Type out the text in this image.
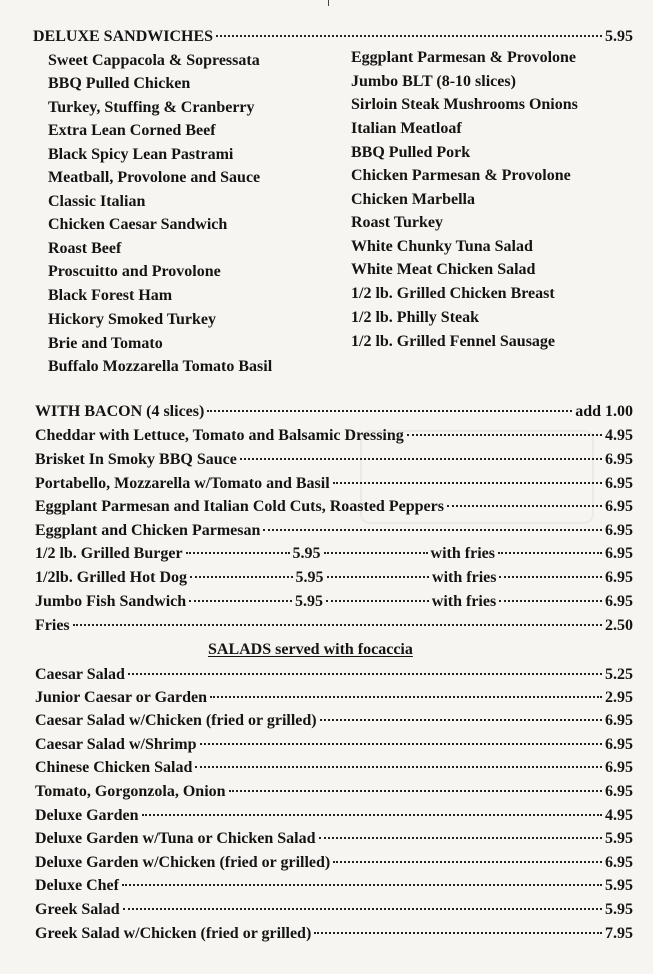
DELUXE SANDWICHES	5.95
Sweet Cappacola & Sopressata
BBQ Pulled Chicken
Turkey, Stuffing & Cranberry
Extra Lean Corned Beef
Black Spicy Lean Pastrami
Meatball, Provolone and Sauce
Classic Italian
Chicken Caesar Sandwich
Roast Beef
Proscuitto and Provolone
Black Forest Ham
Hickory Smoked Turkey
Brie and Tomato
Buffalo Mozzarella Tomato Basil
Eggplant Parmesan & Provolone
Jumbo BLT (8-10 slices)
Sirloin Steak Mushrooms Onions
Italian Meatloaf
BBQ Pulled Pork
Chicken Parmesan & Provolone
Chicken Marbella
Roast Turkey
White Chunky Tuna Salad
White Meat Chicken Salad
1/2 lb. Grilled Chicken Breast
1/2 lb. Philly Steak
1/2 lb. Grilled Fennel Sausage
WITH BACON (4 slices)	add 1.00
Cheddar with Lettuce, Tomato and Balsamic Dressing	4.95
Brisket In Smoky BBQ Sauce	6.95
Portabello, Mozzarella w/Tomato and Basil	6.95
Eggplant Parmesan and Italian Cold Cuts, Roasted Peppers	6.95
Eggplant and Chicken Parmesan	6.95
1/2 lb. Grilled Burger	5.95	with fries	6.95
1/2lb. Grilled Hot Dog	5.95	with fries	6.95
Jumbo Fish Sandwich	5.95	with fries	6.95
Fries	2.50
SALADS served with focaccia
Caesar Salad	5.25
Junior Caesar or Garden	2.95
Caesar Salad w/Chicken (fried or grilled)	6.95
Caesar Salad w/Shrimp	6.95
Chinese Chicken Salad	6.95
Tomato, Gorgonzola, Onion	6.95
Deluxe Garden	4.95
Deluxe Garden w/Tuna or Chicken Salad	5.95
Deluxe Garden w/Chicken (fried or grilled)	6.95
Deluxe Chef	5.95
Greek Salad	5.95
Greek Salad w/Chicken (fried or grilled)	7.95
